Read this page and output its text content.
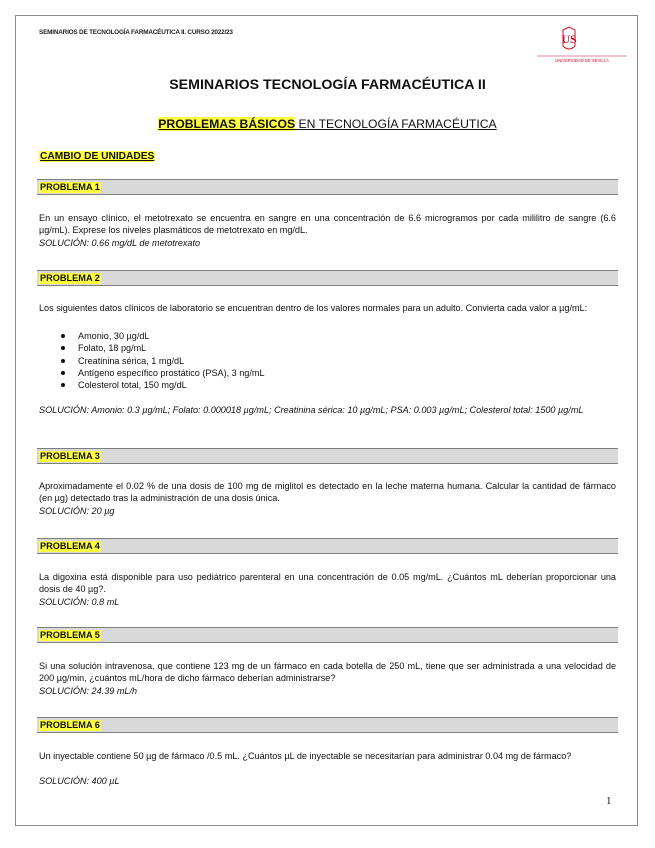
SEMINARIOS DE TECNOLOGÍA FARMACÉUTICA II. CURSO 2022/23	US
UNIVERSIDAD DE SEVILLA
SEMINARIOS TECNOLOGÍA FARMACÉUTICA II
PROBLEMAS BÁSICOS EN TECNOLOGÍA FARMACÉUTICA
CAMBIO DE UNIDADES
PROBLEMA 1
En un ensayo clínico, el metotrexato se encuentra en sangre en una concentración de 6.6 microgramos por cada mililitro de sangre (6.6 µg/mL). Exprese los niveles plasmáticos de metotrexato en mg/dL.
SOLUCIÓN: 0.66 mg/dL de metotrexato
PROBLEMA 2
Los siguientes datos clínicos de laboratorio se encuentran dentro de los valores normales para un adulto. Convierta cada valor a µg/mL:
Amonio, 30 µg/dL
Folato, 18 pg/mL
Creatinina sérica, 1 mg/dL
Antígeno específico prostático (PSA), 3 ng/mL
Colesterol total, 150 mg/dL
SOLUCIÓN: Amonio: 0.3 µg/mL; Folato: 0.000018 µg/mL; Creatinina sérica: 10 µg/mL; PSA: 0.003 µg/mL; Colesterol total: 1500 µg/mL
PROBLEMA 3
Aproximadamente el 0.02 % de una dosis de 100 mg de miglitol es detectado en la leche materna humana. Calcular la cantidad de fármaco (en µg) detectado tras la administración de una dosis única.
SOLUCIÓN: 20 µg
PROBLEMA 4
La digoxina está disponible para uso pediátrico parenteral en una concentración de 0.05 mg/mL. ¿Cuántos mL deberían proporcionar una dosis de 40 µg?.
SOLUCIÓN: 0.8 mL
PROBLEMA 5
Si una solución intravenosa, que contiene 123 mg de un fármaco en cada botella de 250 mL, tiene que ser administrada a una velocidad de 200 µg/min, ¿cuántos mL/hora de dicho fármaco deberían administrarse?
SOLUCIÓN: 24.39 mL/h
PROBLEMA 6
Un inyectable contiene 50 µg de fármaco /0.5 mL. ¿Cuántos µL de inyectable se necesitarían para administrar 0.04 mg de fármaco?
SOLUCIÓN: 400 µL
1
